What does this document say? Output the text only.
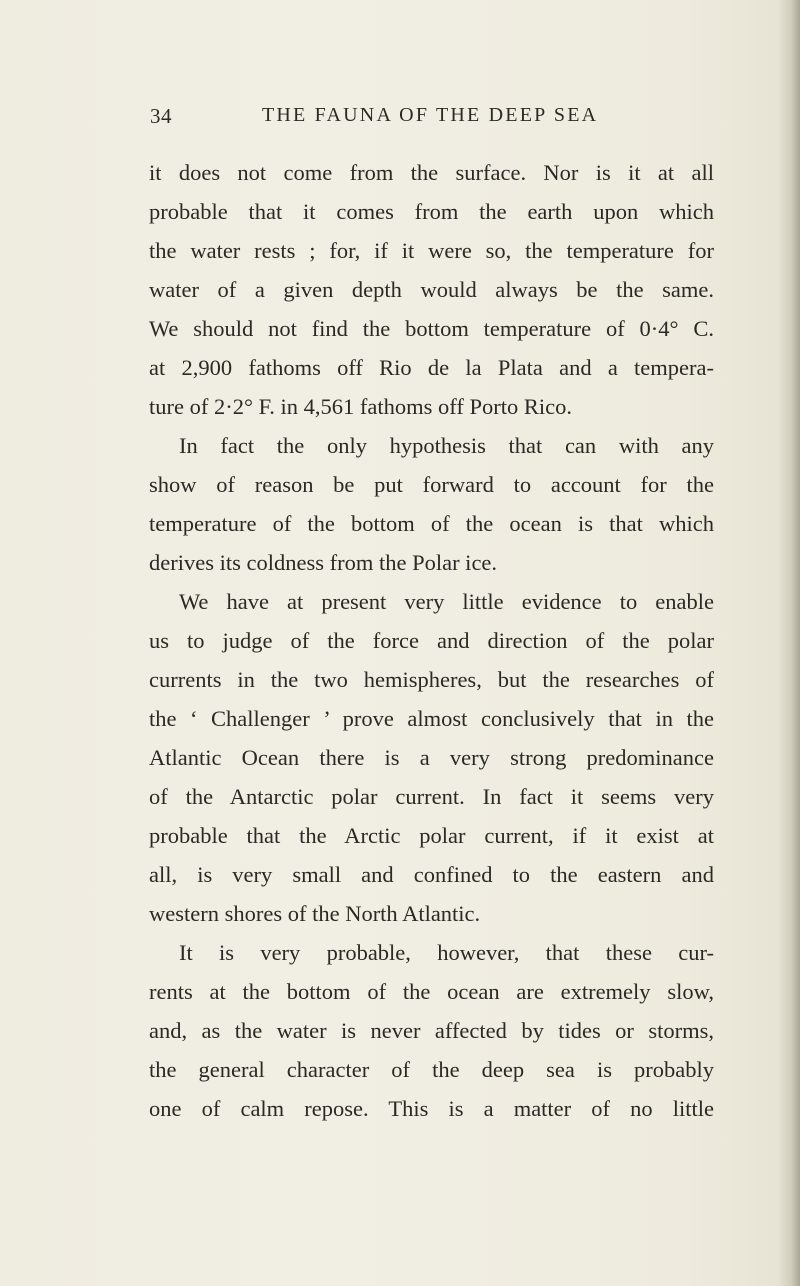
34	THE FAUNA OF THE DEEP SEA

it does not come from the surface. Nor is it at all
probable that it comes from the earth upon which
the water rests ; for, if it were so, the temperature for
water of a given depth would always be the same.
We should not find the bottom temperature of 0·4° C.
at 2,900 fathoms off Rio de la Plata and a tempera-
ture of 2·2° F. in 4,561 fathoms off Porto Rico.

In fact the only hypothesis that can with any
show of reason be put forward to account for the
temperature of the bottom of the ocean is that which
derives its coldness from the Polar ice.

We have at present very little evidence to enable
us to judge of the force and direction of the polar
currents in the two hemispheres, but the researches of
the ‘ Challenger ’ prove almost conclusively that in the
Atlantic Ocean there is a very strong predominance
of the Antarctic polar current. In fact it seems very
probable that the Arctic polar current, if it exist at
all, is very small and confined to the eastern and
western shores of the North Atlantic.

It is very probable, however, that these cur-
rents at the bottom of the ocean are extremely slow,
and, as the water is never affected by tides or storms,
the general character of the deep sea is probably
one of calm repose. This is a matter of no little
